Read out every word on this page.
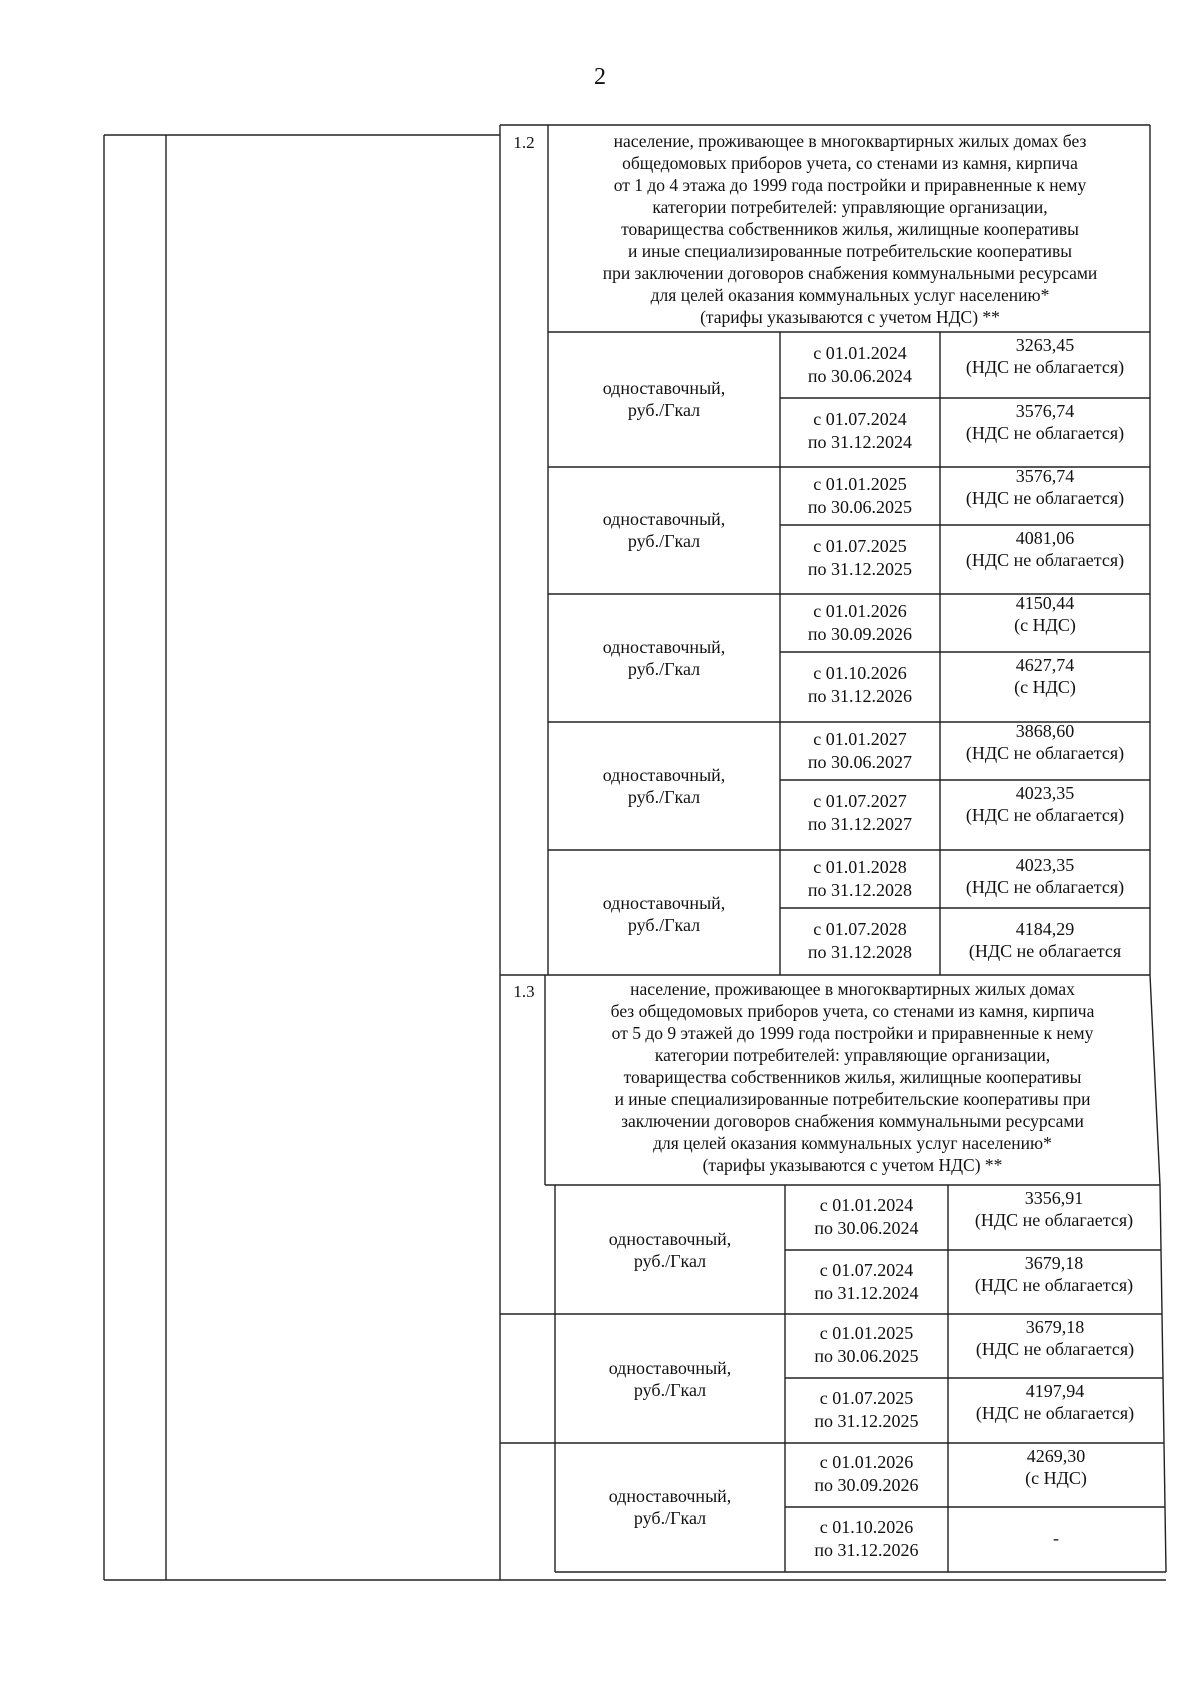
2
1.2	население, проживающее в многоквартирных жилых домах без
общедомовых приборов учета, со стенами из камня, кирпича
от 1 до 4 этажа до 1999 года постройки и приравненные к нему
категории потребителей: управляющие организации,
товарищества собственников жилья, жилищные кооперативы
и иные специализированные потребительские кооперативы
при заключении договоров снабжения коммунальными ресурсами
для целей оказания коммунальных услуг населению*
(тарифы указываются с учетом НДС) **
одноставочный,
руб./Гкал
с 01.01.2024
по 30.06.2024
3263,45
(НДС не облагается)
с 01.07.2024
по 31.12.2024
3576,74
(НДС не облагается)
одноставочный,
руб./Гкал
с 01.01.2025
по 30.06.2025
3576,74
(НДС не облагается)
с 01.07.2025
по 31.12.2025
4081,06
(НДС не облагается)
одноставочный,
руб./Гкал
с 01.01.2026
по 30.09.2026
4150,44
(с НДС)
с 01.10.2026
по 31.12.2026
4627,74
(с НДС)
одноставочный,
руб./Гкал
с 01.01.2027
по 30.06.2027
3868,60
(НДС не облагается)
с 01.07.2027
по 31.12.2027
4023,35
(НДС не облагается)
одноставочный,
руб./Гкал
с 01.01.2028
по 31.12.2028
4023,35
(НДС не облагается)
с 01.07.2028
по 31.12.2028
4184,29
(НДС не облагается
1.3	население, проживающее в многоквартирных жилых домах
без общедомовых приборов учета, со стенами из камня, кирпича
от 5 до 9 этажей до 1999 года постройки и приравненные к нему
категории потребителей: управляющие организации,
товарищества собственников жилья, жилищные кооперативы
и иные специализированные потребительские кооперативы при
заключении договоров снабжения коммунальными ресурсами
для целей оказания коммунальных услуг населению*
(тарифы указываются с учетом НДС) **
одноставочный,
руб./Гкал
с 01.01.2024
по 30.06.2024
3356,91
(НДС не облагается)
с 01.07.2024
по 31.12.2024
3679,18
(НДС не облагается)
одноставочный,
руб./Гкал
с 01.01.2025
по 30.06.2025
3679,18
(НДС не облагается)
с 01.07.2025
по 31.12.2025
4197,94
(НДС не облагается)
одноставочный,
руб./Гкал
с 01.01.2026
по 30.09.2026
4269,30
(с НДС)
с 01.10.2026
по 31.12.2026
-
